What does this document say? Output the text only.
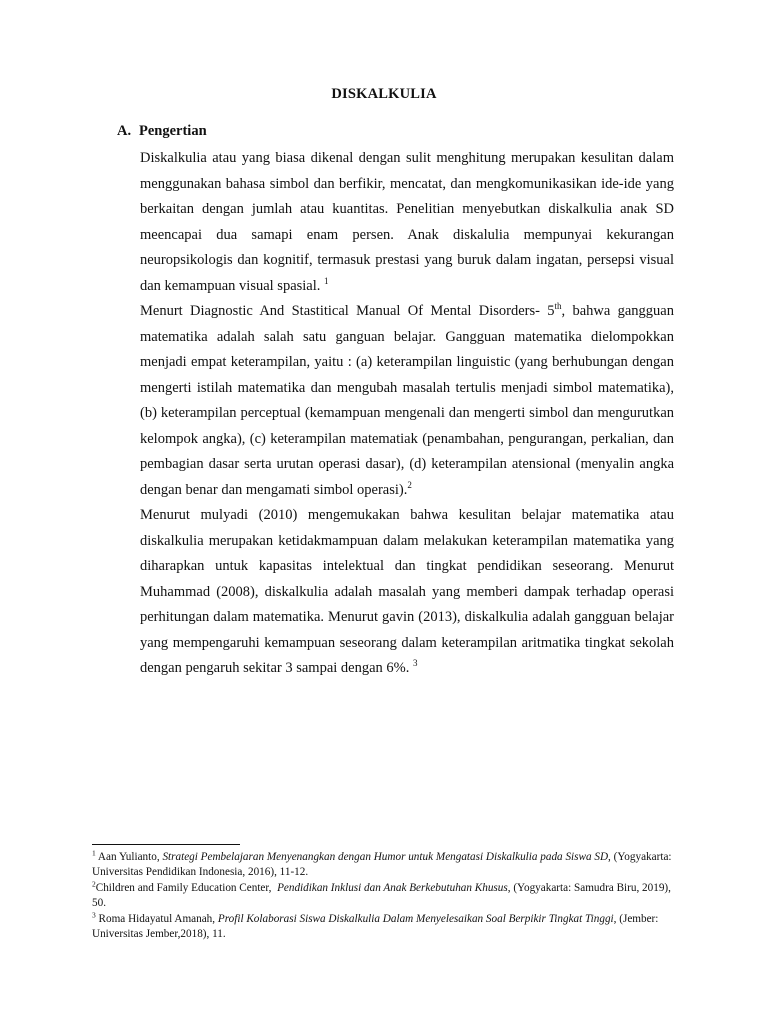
DISKALKULIA
A. Pengertian

Diskalkulia atau yang biasa dikenal dengan sulit menghitung merupakan kesulitan dalam menggunakan bahasa simbol dan berfikir, mencatat, dan mengkomunikasikan ide-ide yang berkaitan dengan jumlah atau kuantitas. Penelitian menyebutkan diskalkulia anak SD meencapai dua samapi enam persen. Anak diskalulia mempunyai kekurangan neuropsikologis dan kognitif, termasuk prestasi yang buruk dalam ingatan, persepsi visual dan kemampuan visual spasial. $^1$

Menurt Diagnostic And Stastitical Manual Of Mental Disorders- 5th, bahwa gangguan matematika adalah salah satu ganguan belajar. Gangguan matematika dielompokkan menjadi empat keterampilan, yaitu : (a) keterampilan linguistic (yang berhubungan dengan mengerti istilah matematika dan mengubah masalah tertulis menjadi simbol matematika), (b) keterampilan perceptual (kemampuan mengenali dan mengerti simbol dan mengurutkan kelompok angka), (c) keterampilan matematiak (penambahan, pengurangan, perkalian, dan pembagian dasar serta urutan operasi dasar), (d) keterampilan atensional (menyalin angka dengan benar dan mengamati simbol operasi).$^2$

Menurut mulyadi (2010) mengemukakan bahwa kesulitan belajar matematika atau diskalkulia merupakan ketidakmampuan dalam melakukan keterampilan matematika yang diharapkan untuk kapasitas intelektual dan tingkat pendidikan seseorang. Menurut Muhammad (2008), diskalkulia adalah masalah yang memberi dampak terhadap operasi perhitungan dalam matematika. Menurut gavin (2013), diskalkulia adalah gangguan belajar yang mempengaruhi kemampuan seseorang dalam keterampilan aritmatika tingkat sekolah dengan pengaruh sekitar 3 sampai dengan 6%. $^3$

$^1$ Aan Yulianto, Strategi Pembelajaran Menyenangkan dengan Humor untuk Mengatasi Diskalkulia pada Siswa SD, (Yogyakarta: Universitas Pendidikan Indonesia, 2016), 11-12.

$^2$Children and Family Education Center,  Pendidikan Inklusi dan Anak Berkebutuhan Khusus, (Yogyakarta: Samudra Biru, 2019), 50.

$^3$ Roma Hidayatul Amanah, Profil Kolaborasi Siswa Diskalkulia Dalam Menyelesaikan Soal Berpikir Tingkat Tinggi, (Jember: Universitas Jember,2018), 11.
